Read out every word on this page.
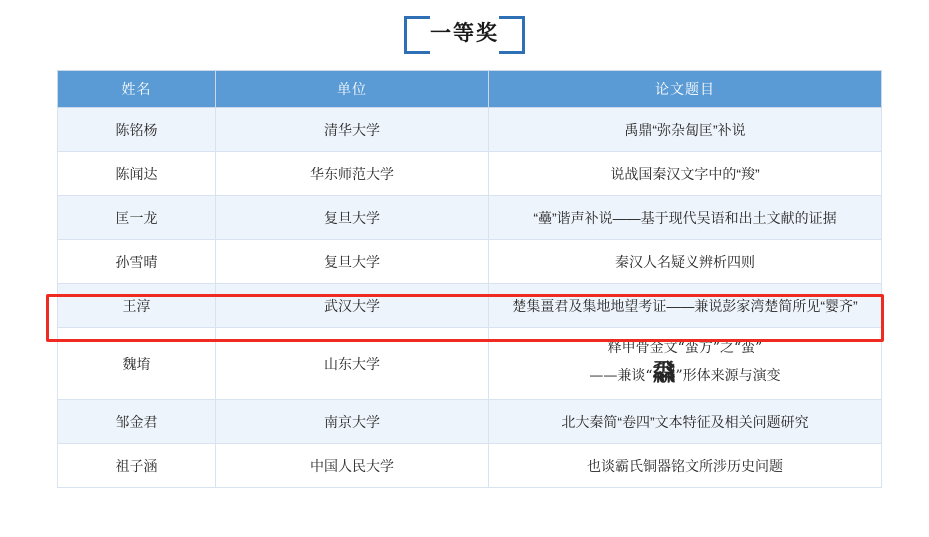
一等奖
姓名	单位	论文题目
陈铭杨	清华大学	禹鼎“弥杂匐匡”补说
陈闻达	华东师范大学	说战国秦汉文字中的“羧”
匡一龙	复旦大学	“蘲”谐声补说——基于现代吴语和出土文献的证据
孙雪晴	复旦大学	秦汉人名疑义辨析四则
王淳	武汉大学	楚集畺君及集地地望考证——兼说彭家湾楚简所见“婴齐”
魏堉	山东大学	释甲骨金文“蛮方”之“蛮”
——兼谈“飝”形体来源与演变

邹金君	南京大学	北大秦简“卷四”文本特征及相关问题研究
祖子涵	中国人民大学	也谈霸氏铜器铭文所涉历史问题
